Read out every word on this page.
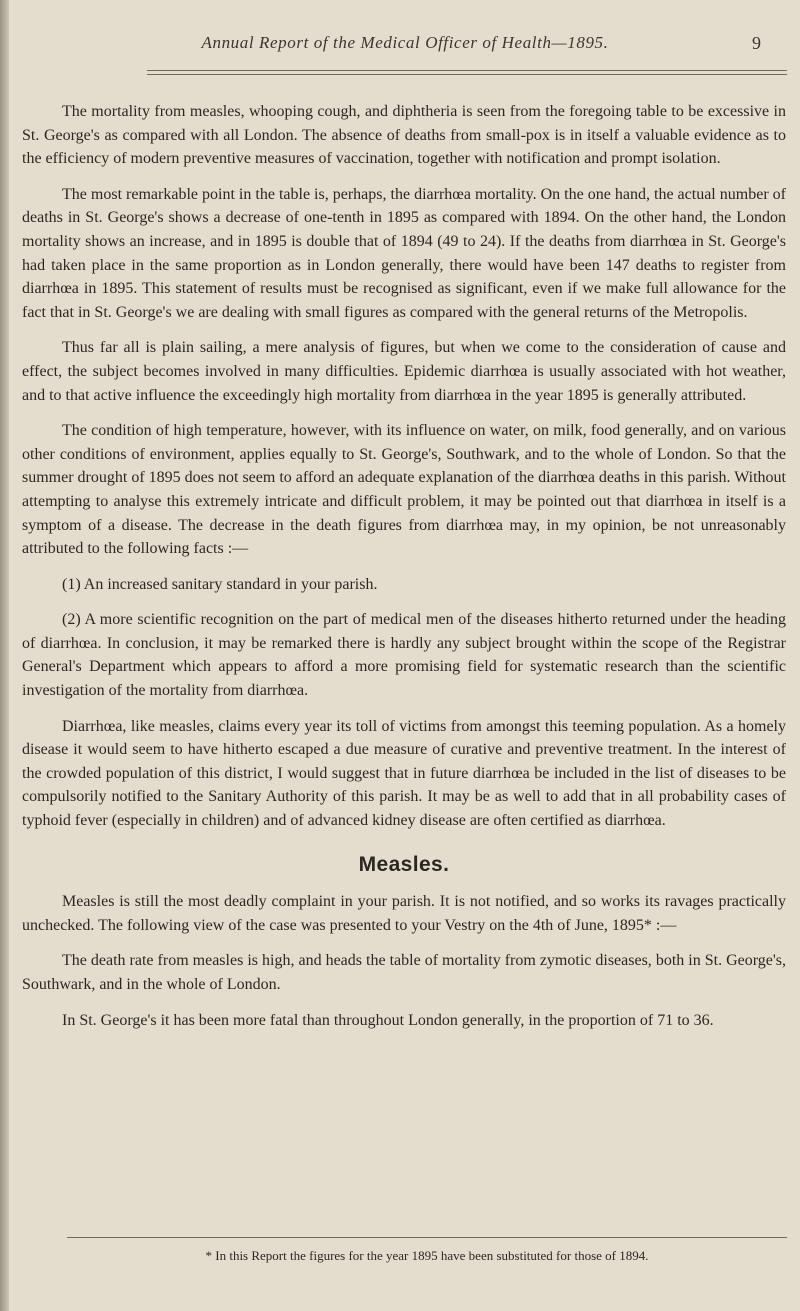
Annual Report of the Medical Officer of Health—1895.	9

The mortality from measles, whooping cough, and diphtheria is seen from the foregoing table to be excessive in St. George's as compared with all London. The absence of deaths from small-pox is in itself a valuable evidence as to the efficiency of modern preventive measures of vaccination, together with notification and prompt isolation.

The most remarkable point in the table is, perhaps, the diarrhœa mortality. On the one hand, the actual number of deaths in St. George's shows a decrease of one-tenth in 1895 as compared with 1894. On the other hand, the London mortality shows an increase, and in 1895 is double that of 1894 (49 to 24). If the deaths from diarrhœa in St. George's had taken place in the same proportion as in London generally, there would have been 147 deaths to register from diarrhœa in 1895. This statement of results must be recognised as significant, even if we make full allowance for the fact that in St. George's we are dealing with small figures as compared with the general returns of the Metropolis.

Thus far all is plain sailing, a mere analysis of figures, but when we come to the consideration of cause and effect, the subject becomes involved in many difficulties. Epidemic diarrhœa is usually associated with hot weather, and to that active influence the exceedingly high mortality from diarrhœa in the year 1895 is generally attributed.

The condition of high temperature, however, with its influence on water, on milk, food generally, and on various other conditions of environment, applies equally to St. George's, Southwark, and to the whole of London. So that the summer drought of 1895 does not seem to afford an adequate explanation of the diarrhœa deaths in this parish. Without attempting to analyse this extremely intricate and difficult problem, it may be pointed out that diarrhœa in itself is a symptom of a disease. The decrease in the death figures from diarrhœa may, in my opinion, be not unreasonably attributed to the following facts :—

(1) An increased sanitary standard in your parish.

(2) A more scientific recognition on the part of medical men of the diseases hitherto returned under the heading of diarrhœa. In conclusion, it may be remarked there is hardly any subject brought within the scope of the Registrar General's Department which appears to afford a more promising field for systematic research than the scientific investigation of the mortality from diarrhœa.

Diarrhœa, like measles, claims every year its toll of victims from amongst this teeming population. As a homely disease it would seem to have hitherto escaped a due measure of curative and preventive treatment. In the interest of the crowded population of this district, I would suggest that in future diarrhœa be included in the list of diseases to be compulsorily notified to the Sanitary Authority of this parish. It may be as well to add that in all probability cases of typhoid fever (especially in children) and of advanced kidney disease are often certified as diarrhœa.

Measles.

Measles is still the most deadly complaint in your parish. It is not notified, and so works its ravages practically unchecked. The following view of the case was presented to your Vestry on the 4th of June, 1895* :—

The death rate from measles is high, and heads the table of mortality from zymotic diseases, both in St. George's, Southwark, and in the whole of London.

In St. George's it has been more fatal than throughout London generally, in the proportion of 71 to 36.

* In this Report the figures for the year 1895 have been substituted for those of 1894.
